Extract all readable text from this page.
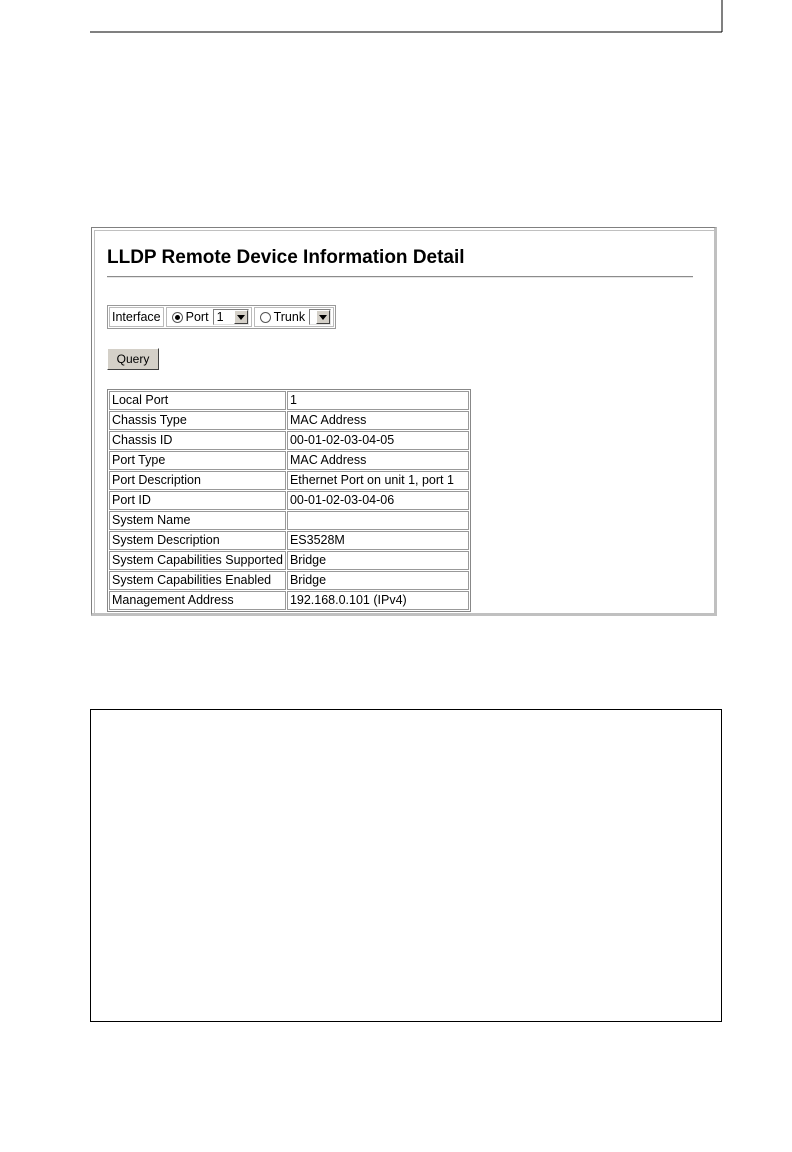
LLDP Remote Device Information Detail
Interface Port 1	Trunk
Query
Local Port	1
Chassis Type	MAC Address
Chassis ID	00-01-02-03-04-05
Port Type	MAC Address
Port Description	Ethernet Port on unit 1, port 1
Port ID	00-01-02-03-04-06
System Name	
System Description	ES3528M
System Capabilities Supported	Bridge
System Capabilities Enabled	Bridge
Management Address	192.168.0.101 (IPv4)
